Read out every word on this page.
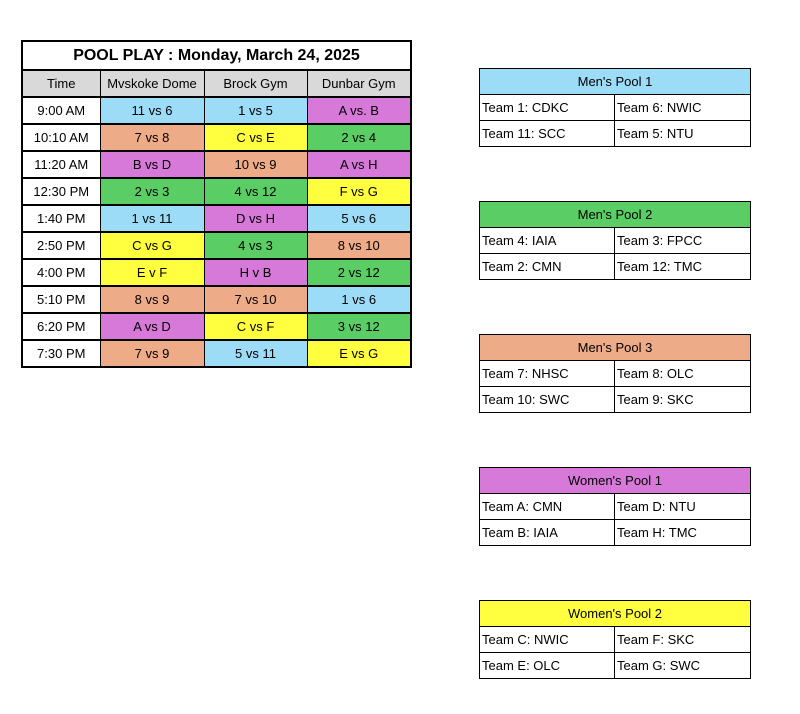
POOL PLAY : Monday, March 24, 2025			
Time	Mvskoke Dome	Brock Gym	Dunbar Gym
9:00 AM	11 vs 6	1 vs 5	A vs. B
10:10 AM	7 vs 8	C vs E	2 vs 4
11:20 AM	B vs D	10 vs 9	A vs H
12:30 PM	2 vs 3	4 vs 12	F vs G
1:40 PM	1 vs 11	D vs H	5 vs 6
2:50 PM	C vs G	4 vs 3	8 vs 10
4:00 PM	E v F	H v B	2 vs 12
5:10 PM	8 vs 9	7 vs 10	1 vs 6
6:20 PM	A vs D	C vs F	3 vs 12
7:30 PM	7 vs 9	5 vs 11	E vs G
Men's Pool 1	
Team 1: CDKC	Team 6: NWIC
Team 11: SCC	Team 5: NTU
Men's Pool 2	
Team 4: IAIA	Team 3: FPCC
Team 2: CMN	Team 12: TMC
Men's Pool 3	
Team 7: NHSC	Team 8: OLC
Team 10: SWC	Team 9: SKC
Women's Pool 1	
Team A: CMN	Team D: NTU
Team B: IAIA	Team H: TMC
Women's Pool 2	
Team C: NWIC	Team F: SKC
Team E: OLC	Team G: SWC
